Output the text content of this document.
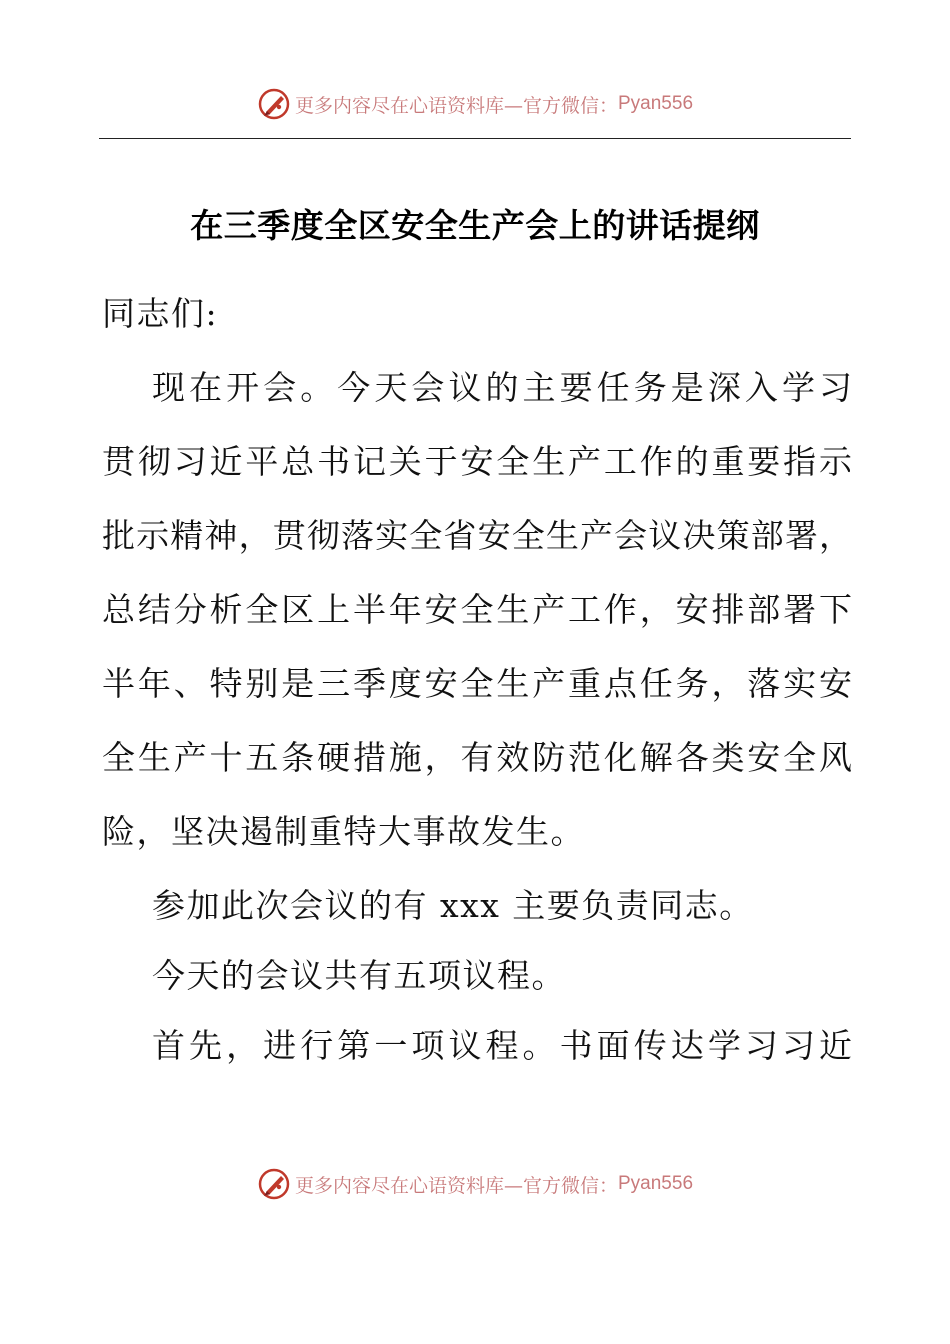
更多内容尽在心语资料库—官方微信： Pyan556
在三季度全区安全生产会上的讲话提纲
同志们:
现在开会。今天会议的主要任务是深入学习
贯彻习近平总书记关于安全生产工作的重要指示
批示精神，贯彻落实全省安全生产会议决策部署，
总结分析全区上半年安全生产工作，安排部署下
半年、特别是三季度安全生产重点任务，落实安
全生产十五条硬措施，有效防范化解各类安全风
险，坚决遏制重特大事故发生。
参加此次会议的有 xxx 主要负责同志。
今天的会议共有五项议程。
首先，进行第一项议程。书面传达学习习近
更多内容尽在心语资料库—官方微信： Pyan556
